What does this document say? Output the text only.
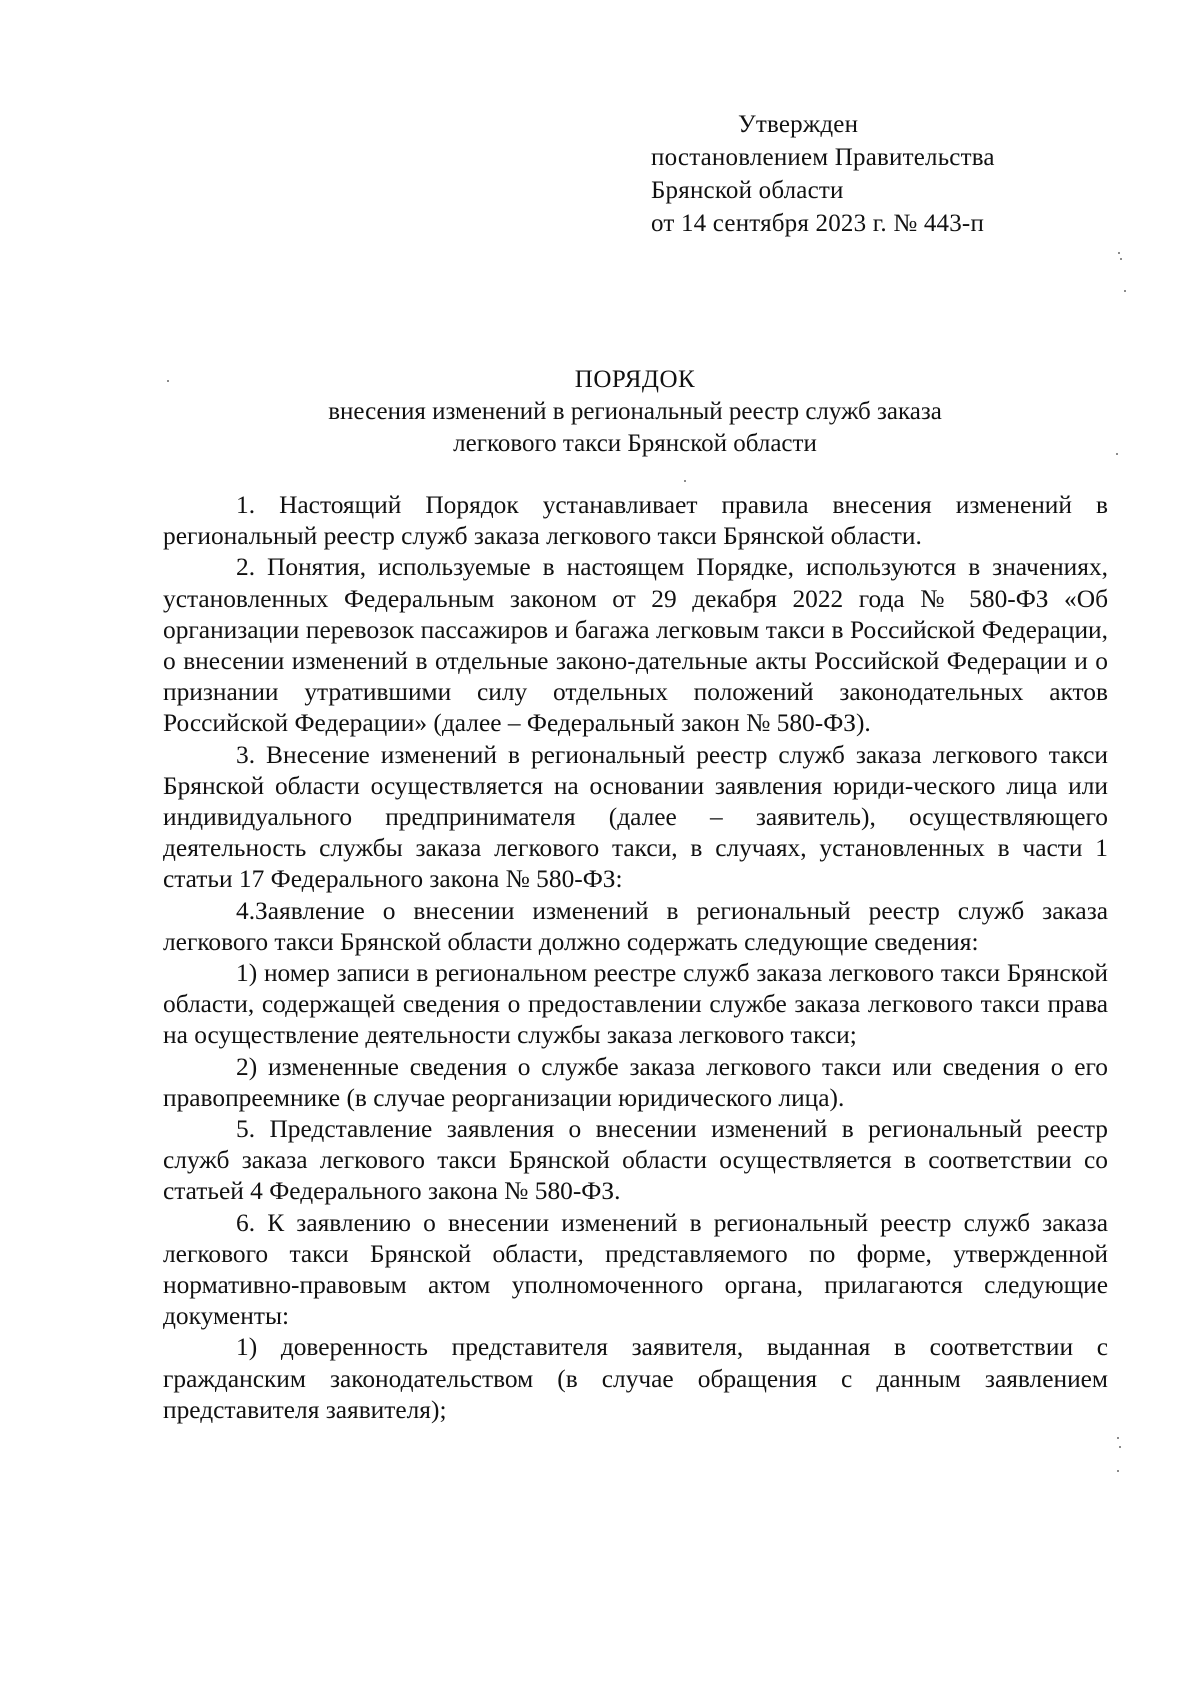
Утвержден
постановлением Правительства
Брянской области
от 14 сентября 2023 г. № 443-п
ПОРЯДОК
внесения изменений в региональный реестр служб заказа
легкового такси Брянской области

1. Настоящий Порядок устанавливает правила внесения изменений в региональный реестр служб заказа легкового такси Брянской области.

2. Понятия, используемые в настоящем Порядке, используются в значениях, установленных Федеральным законом от 29 декабря 2022 года № 580-ФЗ «Об организации перевозок пассажиров и багажа легковым такси в Российской Федерации, о внесении изменений в отдельные законо-дательные акты Российской Федерации и о признании утратившими силу отдельных положений законодательных актов Российской Федерации» (далее – Федеральный закон № 580-ФЗ).

3. Внесение изменений в региональный реестр служб заказа легкового такси Брянской области осуществляется на основании заявления юриди-ческого лица или индивидуального предпринимателя (далее – заявитель), осуществляющего деятельность службы заказа легкового такси, в случаях, установленных в части 1 статьи 17 Федерального закона № 580-ФЗ:

4.Заявление о внесении изменений в региональный реестр служб заказа легкового такси Брянской области должно содержать следующие сведения:

1) номер записи в региональном реестре служб заказа легкового такси Брянской области, содержащей сведения о предоставлении службе заказа легкового такси права на осуществление деятельности службы заказа легкового такси;

2) измененные сведения о службе заказа легкового такси или сведения о его правопреемнике (в случае реорганизации юридического лица).

5. Представление заявления о внесении изменений в региональный реестр служб заказа легкового такси Брянской области осуществляется в соответствии со статьей 4 Федерального закона № 580-ФЗ.

6. К заявлению о внесении изменений в региональный реестр служб заказа легкового такси Брянской области, представляемого по форме, утвержденной нормативно-правовым актом уполномоченного органа, прилагаются следующие документы:

1) доверенность представителя заявителя, выданная в соответствии с гражданским законодательством (в случае обращения с данным заявлением представителя заявителя);
